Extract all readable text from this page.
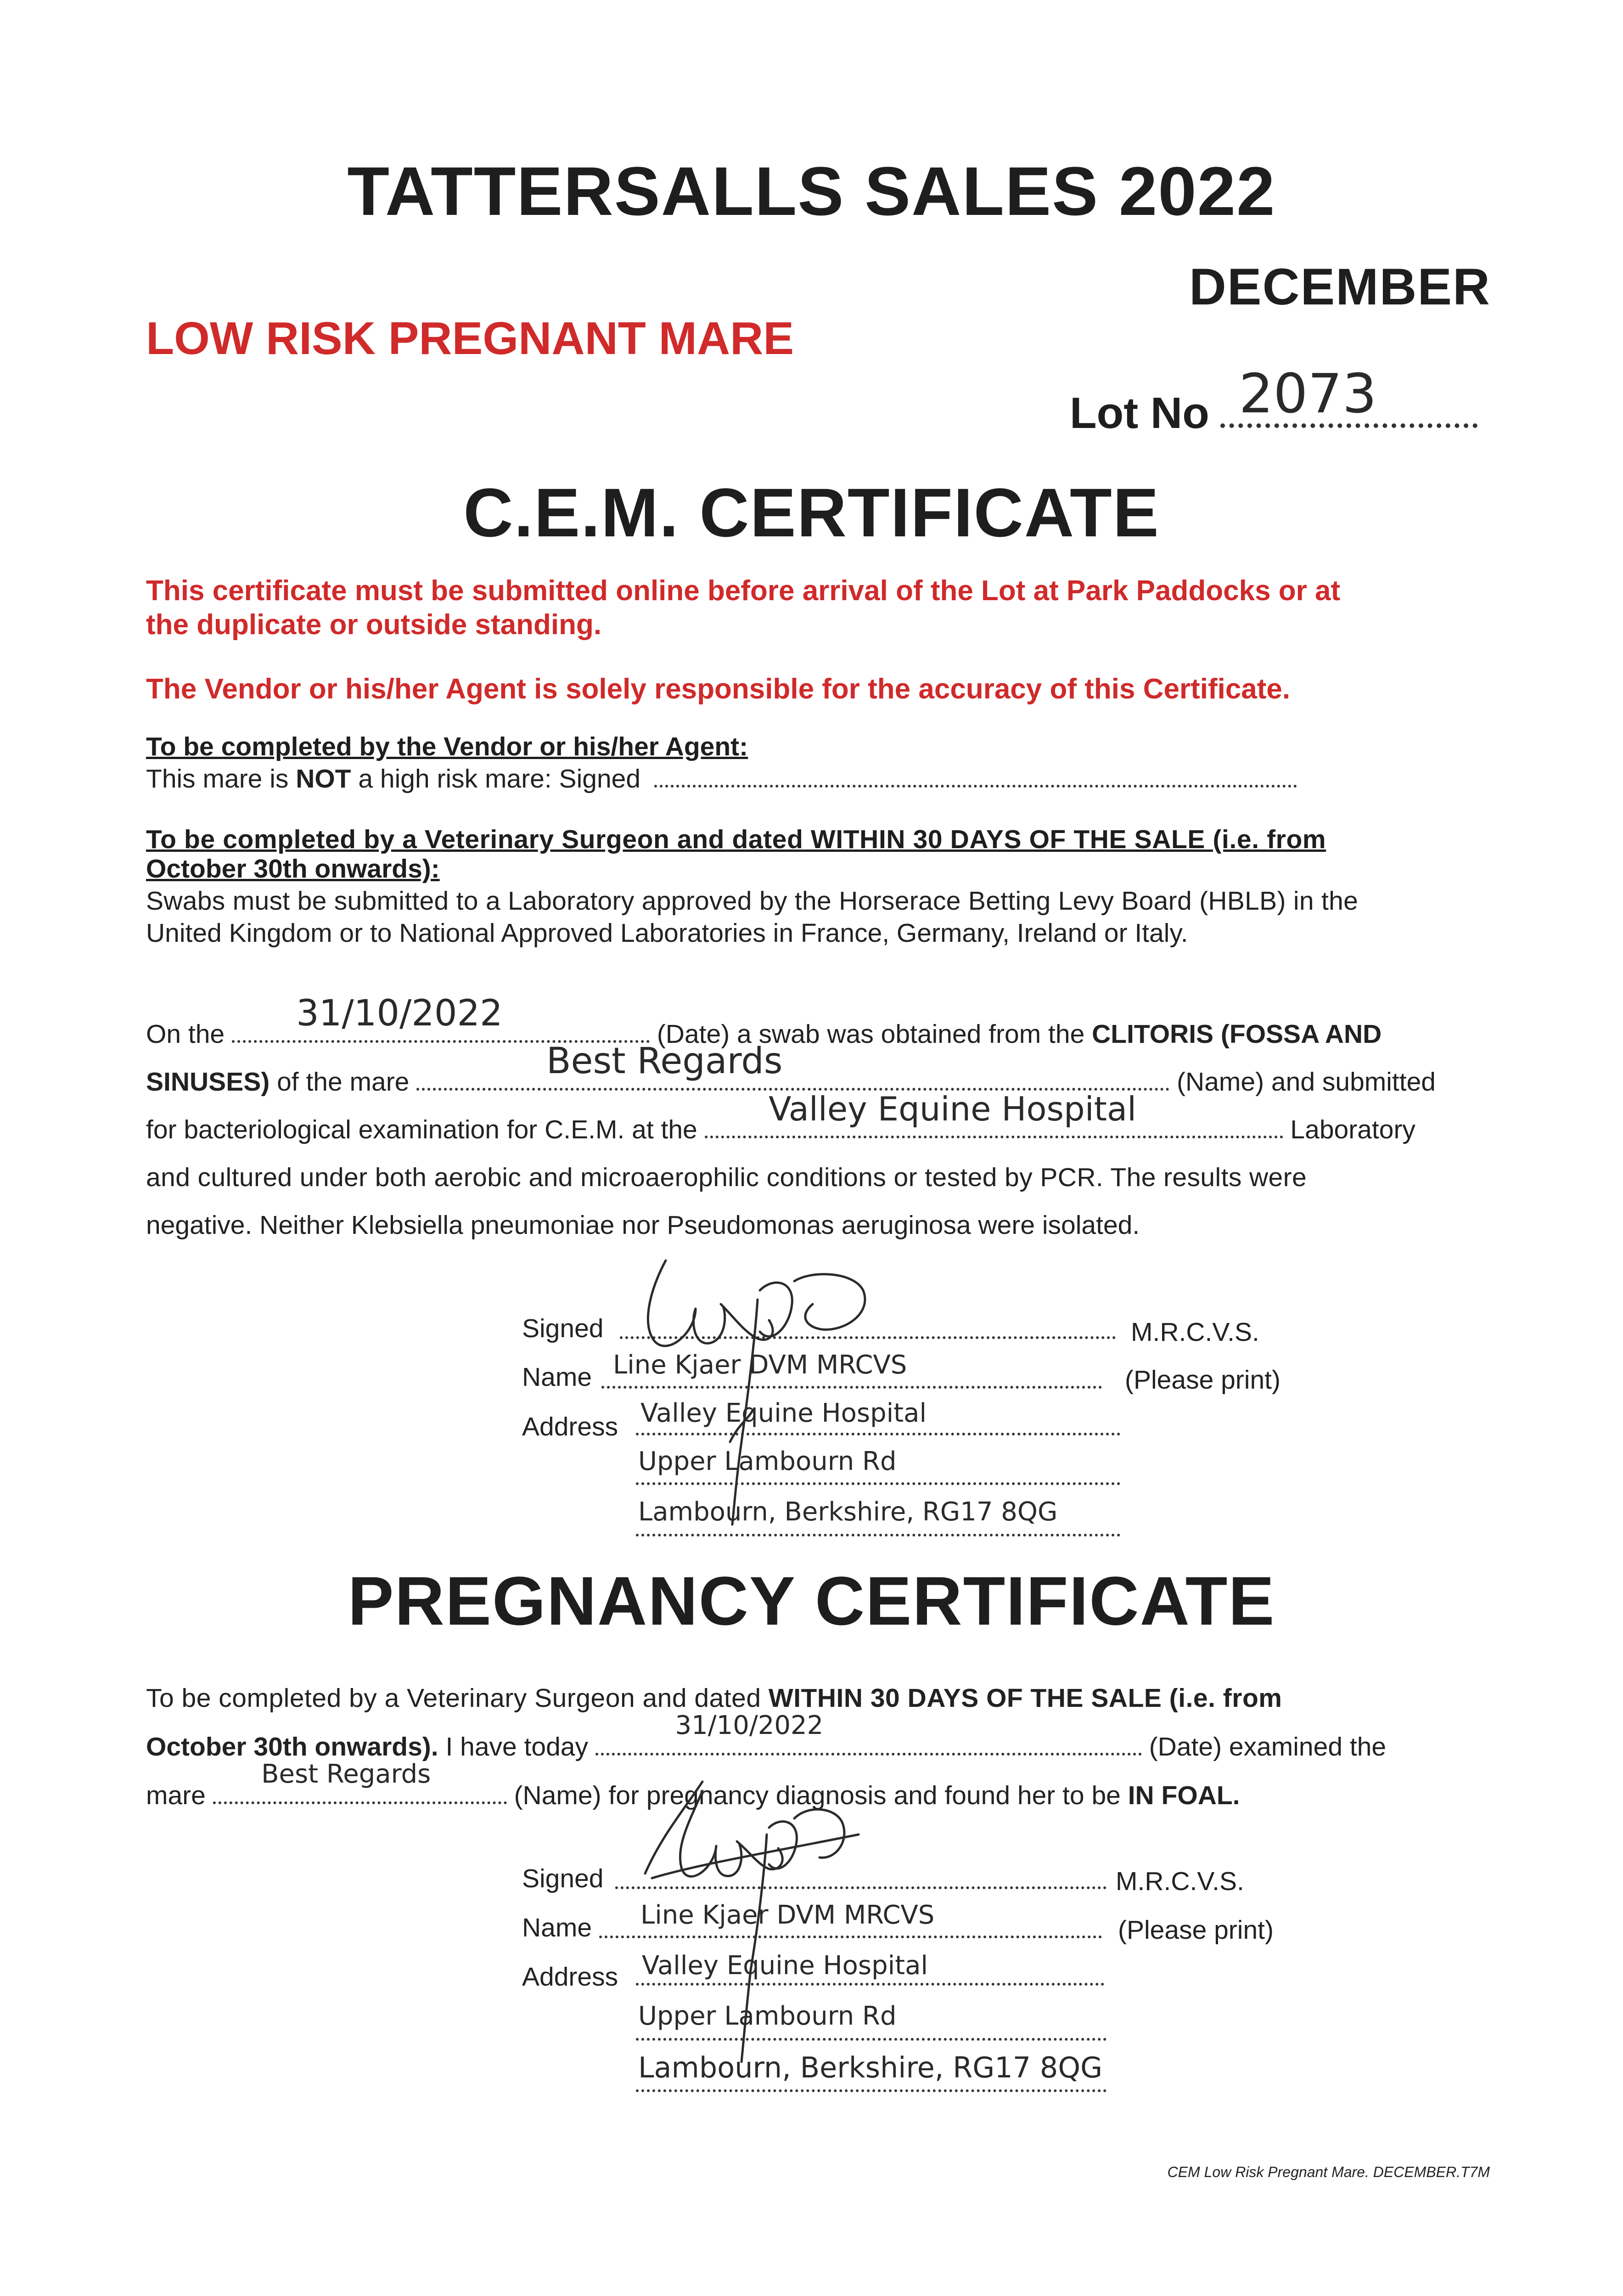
TATTERSALLS SALES 2022
DECEMBER
LOW RISK PREGNANT MARE
Lot No 2073
C.E.M. CERTIFICATE
This certificate must be submitted online before arrival of the Lot at Park Paddocks or at
the duplicate or outside standing.
The Vendor or his/her Agent is solely responsible for the accuracy of this Certificate.
To be completed by the Vendor or his/her Agent:
This mare is NOT a high risk mare: Signed
To be completed by a Veterinary Surgeon and dated WITHIN 30 DAYS OF THE SALE (i.e. from
October 30th onwards):
Swabs must be submitted to a Laboratory approved by the Horserace Betting Levy Board (HBLB) in the
United Kingdom or to National Approved Laboratories in France, Germany, Ireland or Italy.
On the	31/10/2022	(Date) a swab was obtained from the CLITORIS (FOSSA AND
SINUSES) of the mare	Best Regards	(Name) and submitted
for bacteriological examination for C.E.M. at the
Valley Equine Hospital
Laboratory
and cultured under both aerobic and microaerophilic conditions or tested by PCR. The results were
negative. Neither Klebsiella pneumoniae nor Pseudomonas aeruginosa were isolated.
Signed	M.R.C.V.S.
Name Line Kjaer DVM MRCVS	(Please print)
Address Valley Equine Hospital
Upper Lambourn Rd
Lambourn, Berkshire, RG17 8QG
PREGNANCY CERTIFICATE
To be completed by a Veterinary Surgeon and dated WITHIN 30 DAYS OF THE SALE (i.e. from
October 30th onwards). I have today
31/10/2022
(Date) examined the
mare
Best Regards
(Name) for pregnancy diagnosis and found her to be IN FOAL.
Signed	M.R.C.V.S.
Name Line Kjaer DVM MRCVS	(Please print)
Address Valley Equine Hospital
Upper Lambourn Rd
Lambourn, Berkshire, RG17 8QG
CEM Low Risk Pregnant Mare. DECEMBER.T7M
